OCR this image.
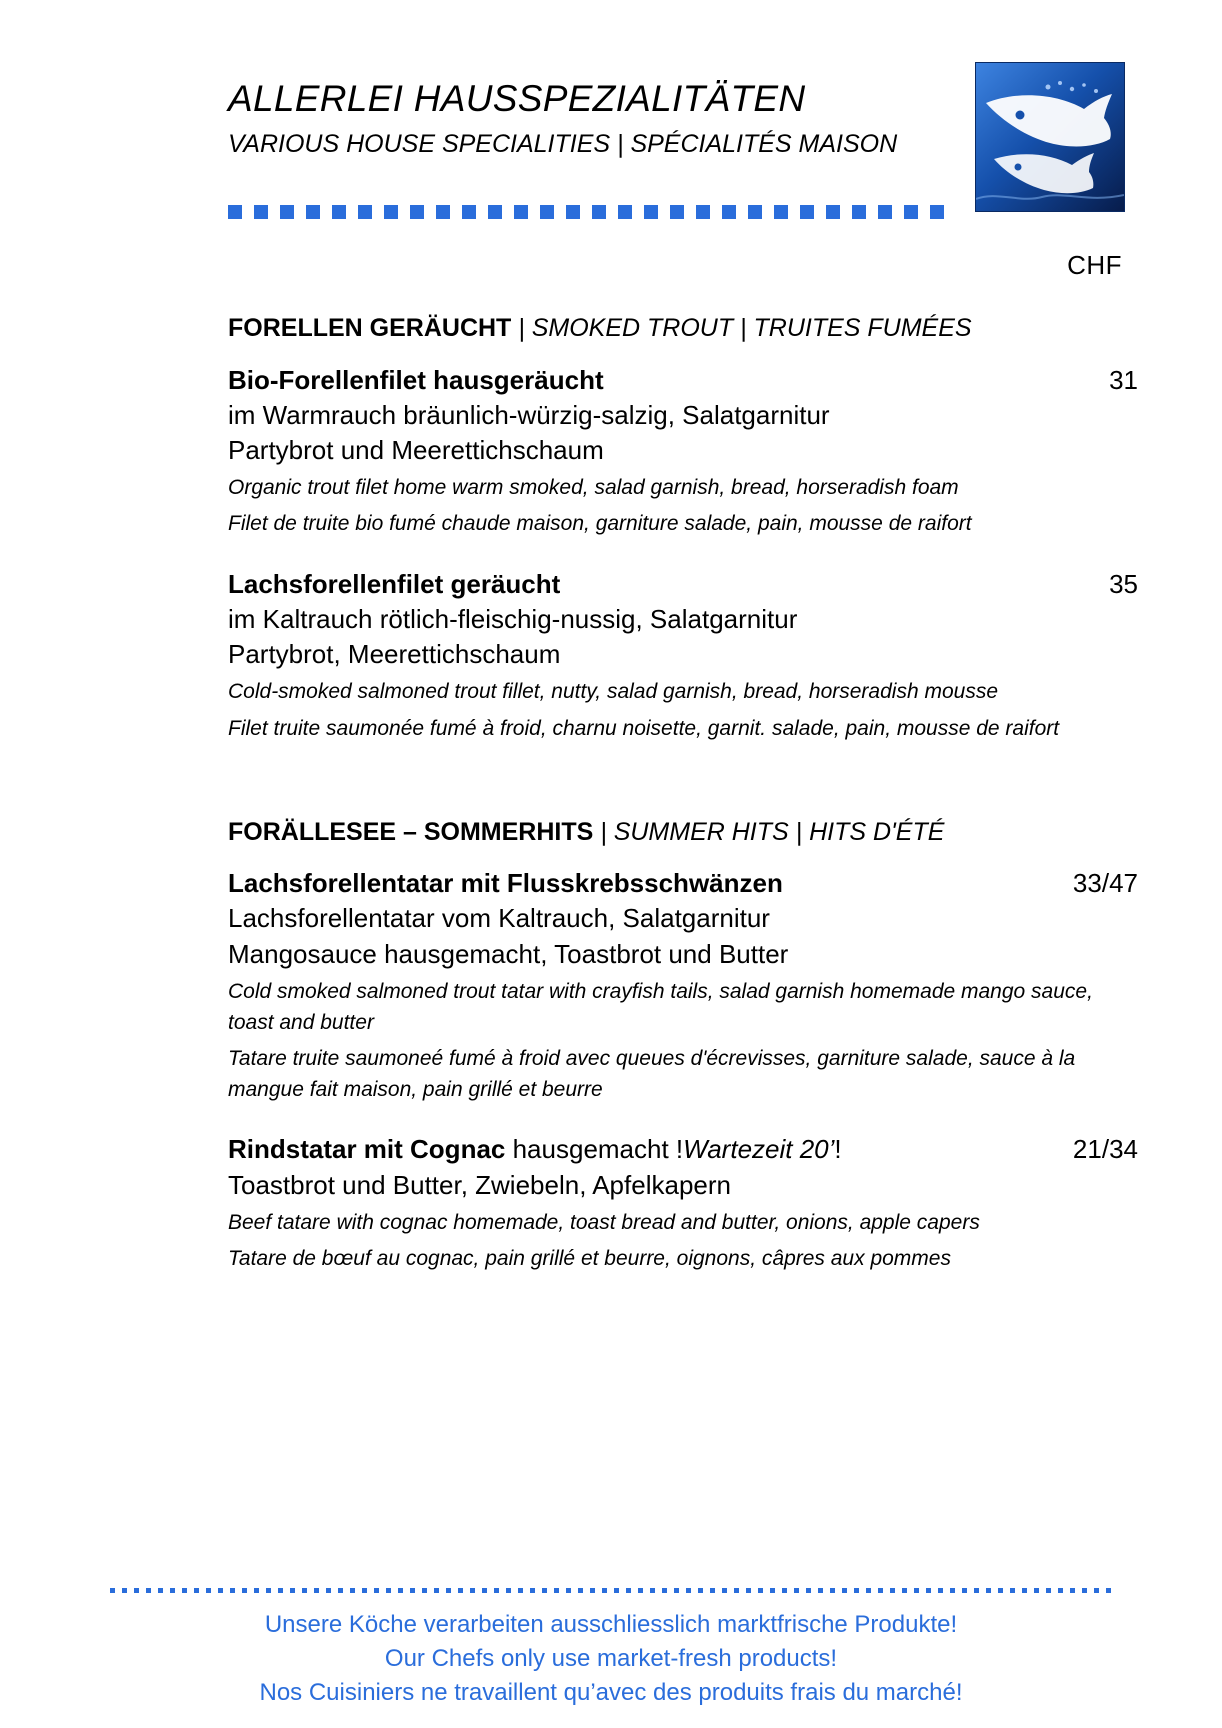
ALLERLEI HAUSSPEZIALITÄTEN
VARIOUS HOUSE SPECIALITIES | SPÉCIALITÉS MAISON
CHF
FORELLEN GERÄUCHT | SMOKED TROUT | TRUITES FUMÉES
Bio-Forellenfilet hausgeräucht	31
im Warmrauch bräunlich-würzig-salzig, Salatgarnitur
Partybrot und Meerettichschaum
Organic trout filet home warm smoked, salad garnish, bread, horseradish foam
Filet de truite bio fumé chaude maison, garniture salade, pain, mousse de raifort
Lachsforellenfilet geräucht	35
im Kaltrauch rötlich-fleischig-nussig, Salatgarnitur
Partybrot, Meerettichschaum
Cold-smoked salmoned trout fillet, nutty, salad garnish, bread, horseradish mousse
Filet truite saumonée fumé à froid, charnu noisette, garnit. salade, pain, mousse de raifort
FORÄLLESEE – SOMMERHITS | SUMMER HITS | HITS D'ÉTÉ
Lachsforellentatar mit Flusskrebsschwänzen	33/47
Lachsforellentatar vom Kaltrauch, Salatgarnitur
Mangosauce hausgemacht, Toastbrot und Butter
Cold smoked salmoned trout tatar with crayfish tails, salad garnish homemade mango sauce, toast and butter
Tatare truite saumoneé fumé à froid avec queues d'écrevisses, garniture salade, sauce à la mangue fait maison, pain grillé et beurre
Rindstatar mit Cognac hausgemacht !Wartezeit 20’!	21/34
Toastbrot und Butter, Zwiebeln, Apfelkapern
Beef tatare with cognac homemade, toast bread and butter, onions, apple capers
Tatare de bœuf au cognac, pain grillé et beurre, oignons, câpres aux pommes
Unsere Köche verarbeiten ausschliesslich marktfrische Produkte!
Our Chefs only use market-fresh products!
Nos Cuisiniers ne travaillent qu’avec des produits frais du marché!
